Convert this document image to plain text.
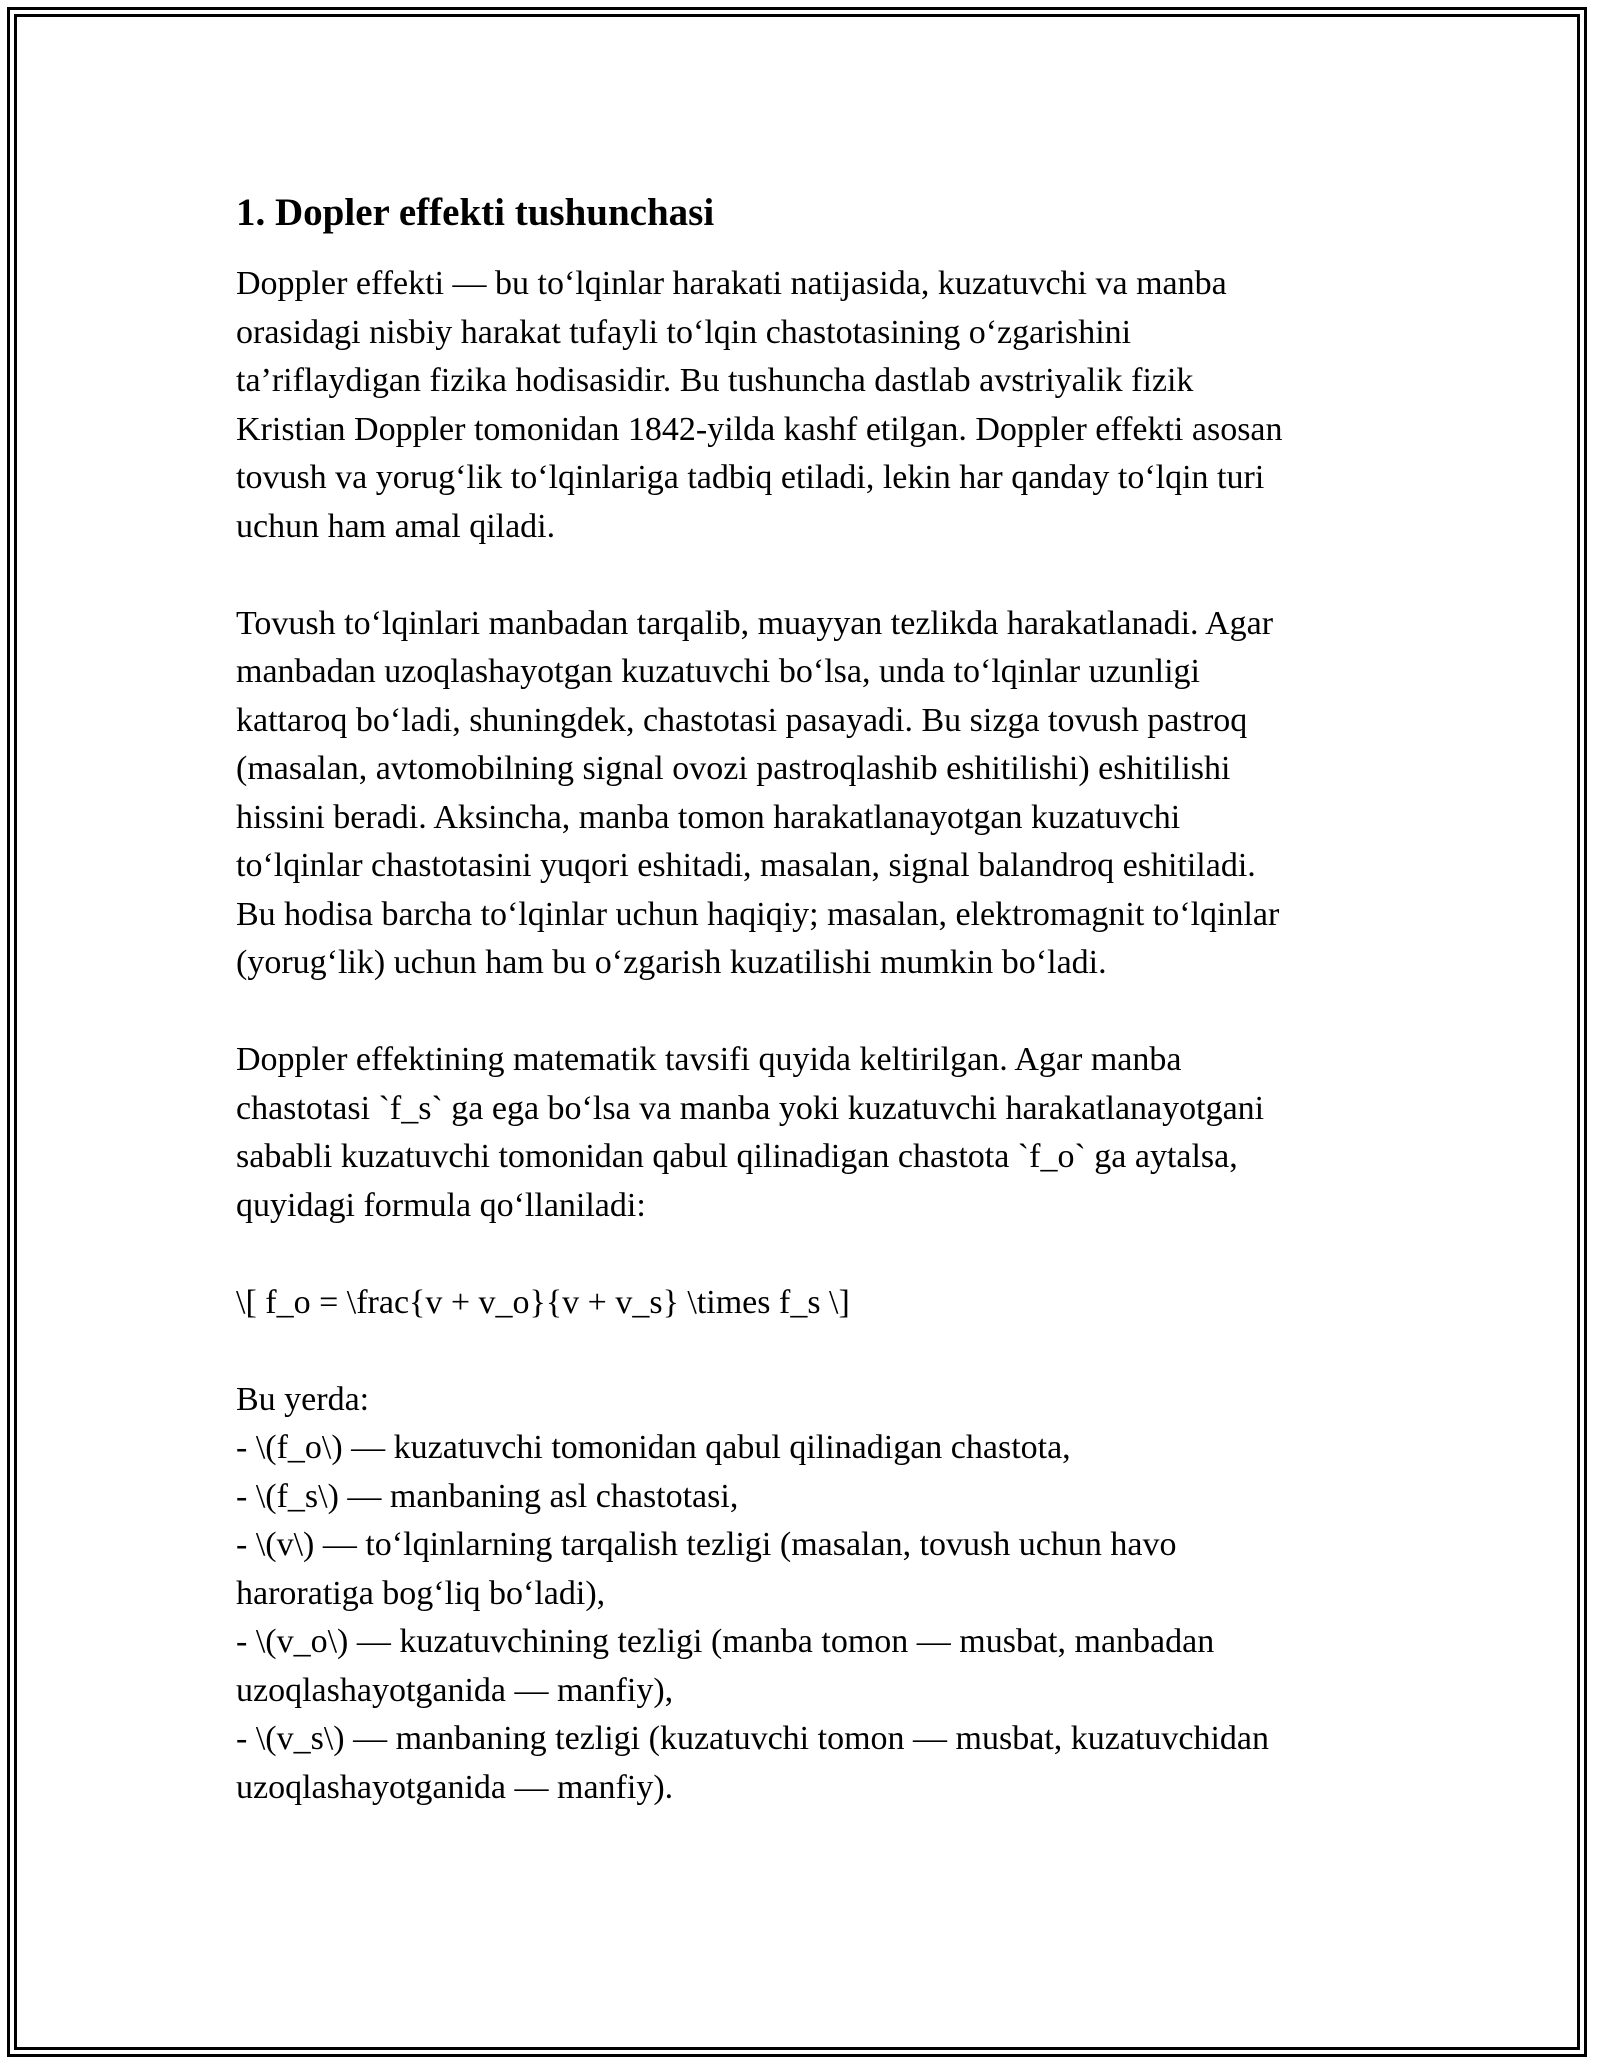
1. Dopler effekti tushunchasi

Doppler effekti — bu to‘lqinlar harakati natijasida, kuzatuvchi va manba
orasidagi nisbiy harakat tufayli to‘lqin chastotasining o‘zgarishini
ta’riflaydigan fizika hodisasidir. Bu tushuncha dastlab avstriyalik fizik
Kristian Doppler tomonidan 1842-yilda kashf etilgan. Doppler effekti asosan
tovush va yorug‘lik to‘lqinlariga tadbiq etiladi, lekin har qanday to‘lqin turi
uchun ham amal qiladi.

Tovush to‘lqinlari manbadan tarqalib, muayyan tezlikda harakatlanadi. Agar
manbadan uzoqlashayotgan kuzatuvchi bo‘lsa, unda to‘lqinlar uzunligi
kattaroq bo‘ladi, shuningdek, chastotasi pasayadi. Bu sizga tovush pastroq
(masalan, avtomobilning signal ovozi pastroqlashib eshitilishi) eshitilishi
hissini beradi. Aksincha, manba tomon harakatlanayotgan kuzatuvchi
to‘lqinlar chastotasini yuqori eshitadi, masalan, signal balandroq eshitiladi.
Bu hodisa barcha to‘lqinlar uchun haqiqiy; masalan, elektromagnit to‘lqinlar
(yorug‘lik) uchun ham bu o‘zgarish kuzatilishi mumkin bo‘ladi.

Doppler effektining matematik tavsifi quyida keltirilgan. Agar manba
chastotasi `f_s` ga ega bo‘lsa va manba yoki kuzatuvchi harakatlanayotgani
sababli kuzatuvchi tomonidan qabul qilinadigan chastota `f_o` ga aytalsa,
quyidagi formula qo‘llaniladi:

\[ f_o = \frac{v + v_o}{v + v_s} \times f_s \]

Bu yerda:
- \(f_o\) — kuzatuvchi tomonidan qabul qilinadigan chastota,
- \(f_s\) — manbaning asl chastotasi,
- \(v\) — to‘lqinlarning tarqalish tezligi (masalan, tovush uchun havo
haroratiga bog‘liq bo‘ladi),
- \(v_o\) — kuzatuvchining tezligi (manba tomon — musbat, manbadan
uzoqlashayotganida — manfiy),
- \(v_s\) — manbaning tezligi (kuzatuvchi tomon — musbat, kuzatuvchidan
uzoqlashayotganida — manfiy).
